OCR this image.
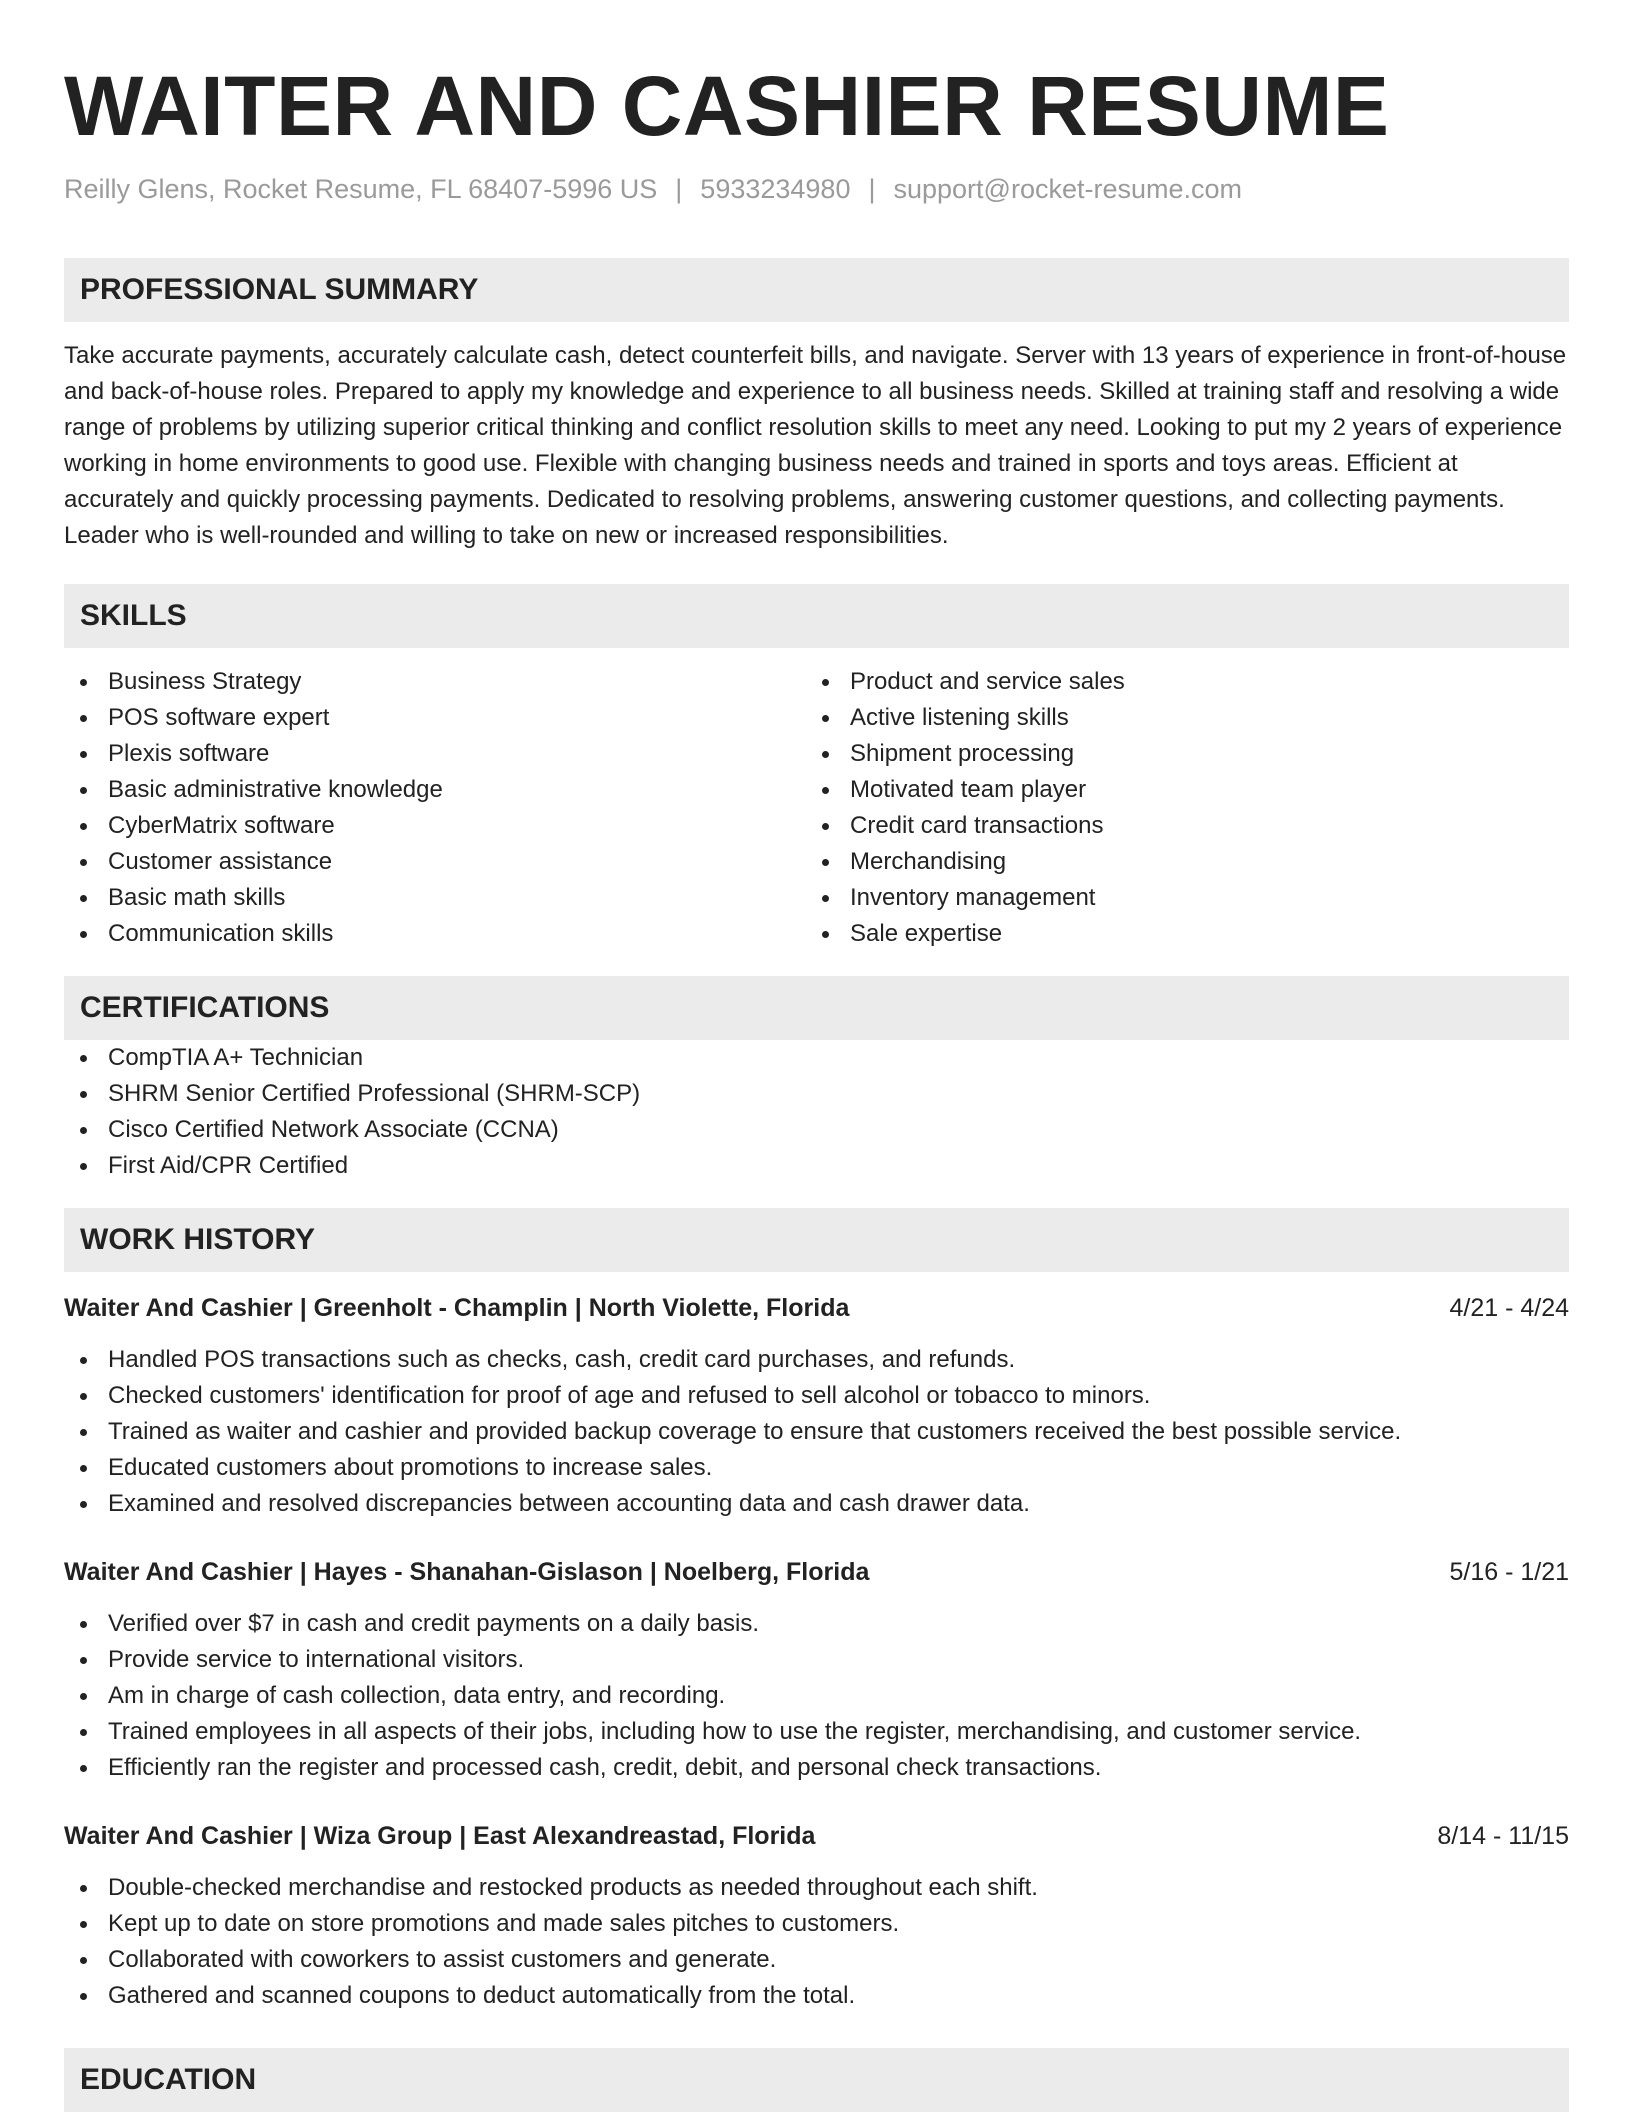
WAITER AND CASHIER RESUME
Reilly Glens, Rocket Resume, FL 68407-5996 US | 5933234980 | support@rocket-resume.com
PROFESSIONAL SUMMARY

Take accurate payments, accurately calculate cash, detect counterfeit bills, and navigate. Server with 13 years of experience in front-of-house and back-of-house roles. Prepared to apply my knowledge and experience to all business needs. Skilled at training staff and resolving a wide range of problems by utilizing superior critical thinking and conflict resolution skills to meet any need. Looking to put my 2 years of experience working in home environments to good use. Flexible with changing business needs and trained in sports and toys areas. Efficient at accurately and quickly processing payments. Dedicated to resolving problems, answering customer questions, and collecting payments. Leader who is well-rounded and willing to take on new or increased responsibilities.

SKILLS
Business Strategy
POS software expert
Plexis software
Basic administrative knowledge
CyberMatrix software
Customer assistance
Basic math skills
Communication skills
Product and service sales
Active listening skills
Shipment processing
Motivated team player
Credit card transactions
Merchandising
Inventory management
Sale expertise
CERTIFICATIONS
CompTIA A+ Technician
SHRM Senior Certified Professional (SHRM-SCP)
Cisco Certified Network Associate (CCNA)
First Aid/CPR Certified
WORK HISTORY
Waiter And Cashier | Greenholt - Champlin | North Violette, Florida	4/21 - 4/24
Handled POS transactions such as checks, cash, credit card purchases, and refunds.
Checked customers' identification for proof of age and refused to sell alcohol or tobacco to minors.
Trained as waiter and cashier and provided backup coverage to ensure that customers received the best possible service.
Educated customers about promotions to increase sales.
Examined and resolved discrepancies between accounting data and cash drawer data.
Waiter And Cashier | Hayes - Shanahan-Gislason | Noelberg, Florida	5/16 - 1/21
Verified over $7 in cash and credit payments on a daily basis.
Provide service to international visitors.
Am in charge of cash collection, data entry, and recording.
Trained employees in all aspects of their jobs, including how to use the register, merchandising, and customer service.
Efficiently ran the register and processed cash, credit, debit, and personal check transactions.
Waiter And Cashier | Wiza Group | East Alexandreastad, Florida	8/14 - 11/15
Double-checked merchandise and restocked products as needed throughout each shift.
Kept up to date on store promotions and made sales pitches to customers.
Collaborated with coworkers to assist customers and generate.
Gathered and scanned coupons to deduct automatically from the total.
EDUCATION
